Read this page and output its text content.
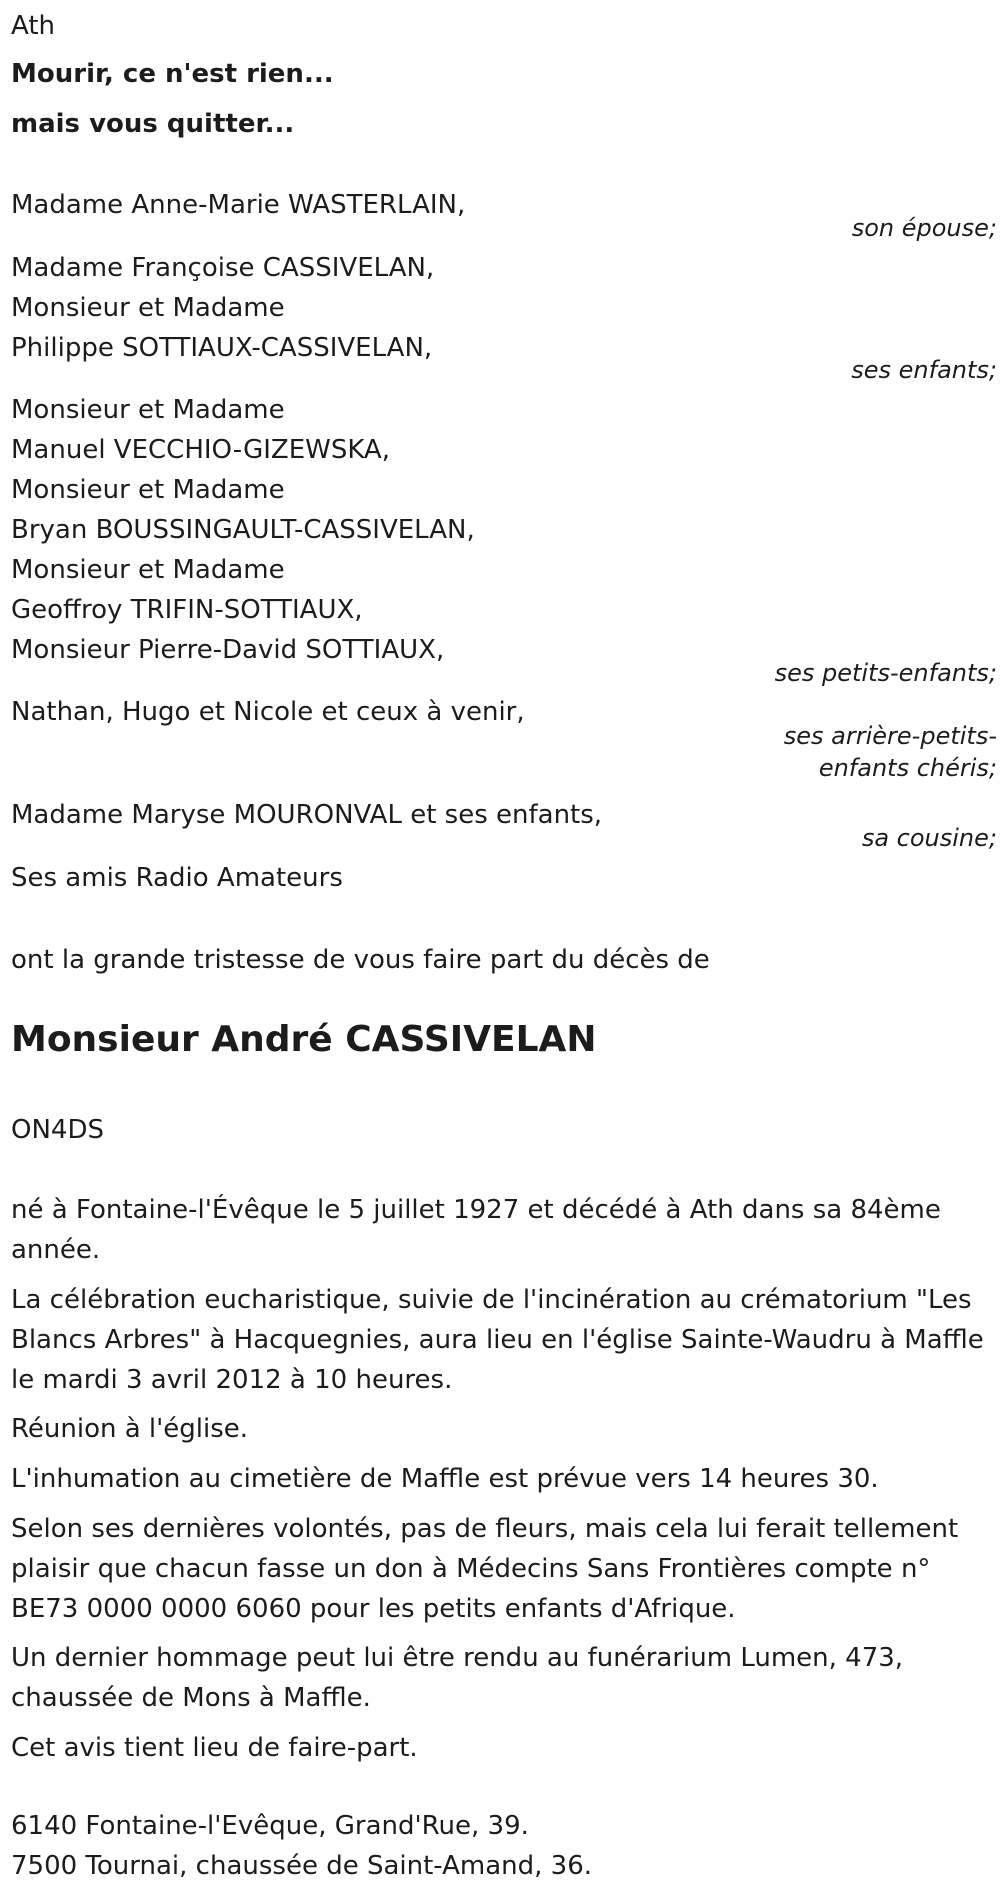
Ath
Mourir, ce n'est rien...
mais vous quitter...
Madame Anne-Marie WASTERLAIN,
son épouse;
Madame Françoise CASSIVELAN,
Monsieur et Madame
Philippe SOTTIAUX-CASSIVELAN,
ses enfants;
Monsieur et Madame
Manuel VECCHIO-GIZEWSKA,
Monsieur et Madame
Bryan BOUSSINGAULT-CASSIVELAN,
Monsieur et Madame
Geoffroy TRIFIN-SOTTIAUX,
Monsieur Pierre-David SOTTIAUX,
ses petits-enfants;
Nathan, Hugo et Nicole et ceux à venir,
ses arrière-petits-
enfants chéris;
Madame Maryse MOURONVAL et ses enfants,
sa cousine;
Ses amis Radio Amateurs
ont la grande tristesse de vous faire part du décès de
Monsieur André CASSIVELAN
ON4DS
né à Fontaine-l'Évêque le 5 juillet 1927 et décédé à Ath dans sa 84ème année.
La célébration eucharistique, suivie de l'incinération au crématorium "Les Blancs Arbres" à Hacquegnies, aura lieu en l'église Sainte-Waudru à Maffle le mardi 3 avril 2012 à 10 heures.
Réunion à l'église.
L'inhumation au cimetière de Maffle est prévue vers 14 heures 30.
Selon ses dernières volontés, pas de fleurs, mais cela lui ferait tellement plaisir que chacun fasse un don à Médecins Sans Frontières compte n° BE73 0000 0000 6060 pour les petits enfants d'Afrique.
Un dernier hommage peut lui être rendu au funérarium Lumen, 473, chaussée de Mons à Maffle.
Cet avis tient lieu de faire-part.
6140 Fontaine-l'Evêque, Grand'Rue, 39.
7500 Tournai, chaussée de Saint-Amand, 36.
